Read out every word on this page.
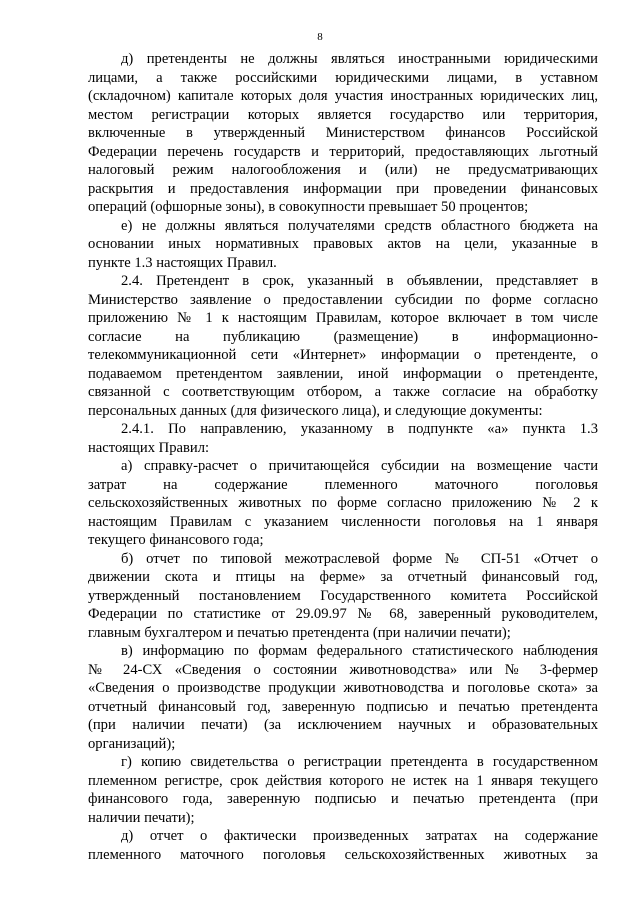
8
д) претенденты не должны являться иностранными юридическими
лицами, а также российскими юридическими лицами, в уставном
(складочном) капитале которых доля участия иностранных юридических лиц,
местом регистрации которых является государство или территория,
включенные в утвержденный Министерством финансов Российской
Федерации перечень государств и территорий, предоставляющих льготный
налоговый режим налогообложения и (или) не предусматривающих
раскрытия и предоставления информации при проведении финансовых
операций (офшорные зоны), в совокупности превышает 50 процентов;
е) не должны являться получателями средств областного бюджета на
основании иных нормативных правовых актов на цели, указанные в
пункте 1.3 настоящих Правил.
2.4. Претендент в срок, указанный в объявлении, представляет в
Министерство заявление о предоставлении субсидии по форме согласно
приложению № 1 к настоящим Правилам, которое включает в том числе
согласие на публикацию (размещение) в информационно-
телекоммуникационной сети «Интернет» информации о претенденте, о
подаваемом претендентом заявлении, иной информации о претенденте,
связанной с соответствующим отбором, а также согласие на обработку
персональных данных (для физического лица), и следующие документы:
2.4.1. По направлению, указанному в подпункте «а» пункта 1.3
настоящих Правил:
а) справку-расчет о причитающейся субсидии на возмещение части
затрат на содержание племенного маточного поголовья
сельскохозяйственных животных по форме согласно приложению № 2 к
настоящим Правилам с указанием численности поголовья на 1 января
текущего финансового года;
б) отчет по типовой межотраслевой форме № СП-51 «Отчет о
движении скота и птицы на ферме» за отчетный финансовый год,
утвержденный постановлением Государственного комитета Российской
Федерации по статистике от 29.09.97 № 68, заверенный руководителем,
главным бухгалтером и печатью претендента (при наличии печати);
в) информацию по формам федерального статистического наблюдения
№ 24-СХ «Сведения о состоянии животноводства» или № 3-фермер
«Сведения о производстве продукции животноводства и поголовье скота» за
отчетный финансовый год, заверенную подписью и печатью претендента
(при наличии печати) (за исключением научных и образовательных
организаций);
г) копию свидетельства о регистрации претендента в государственном
племенном регистре, срок действия которого не истек на 1 января текущего
финансового года, заверенную подписью и печатью претендента (при
наличии печати);
д) отчет о фактически произведенных затратах на содержание
племенного маточного поголовья сельскохозяйственных животных за
